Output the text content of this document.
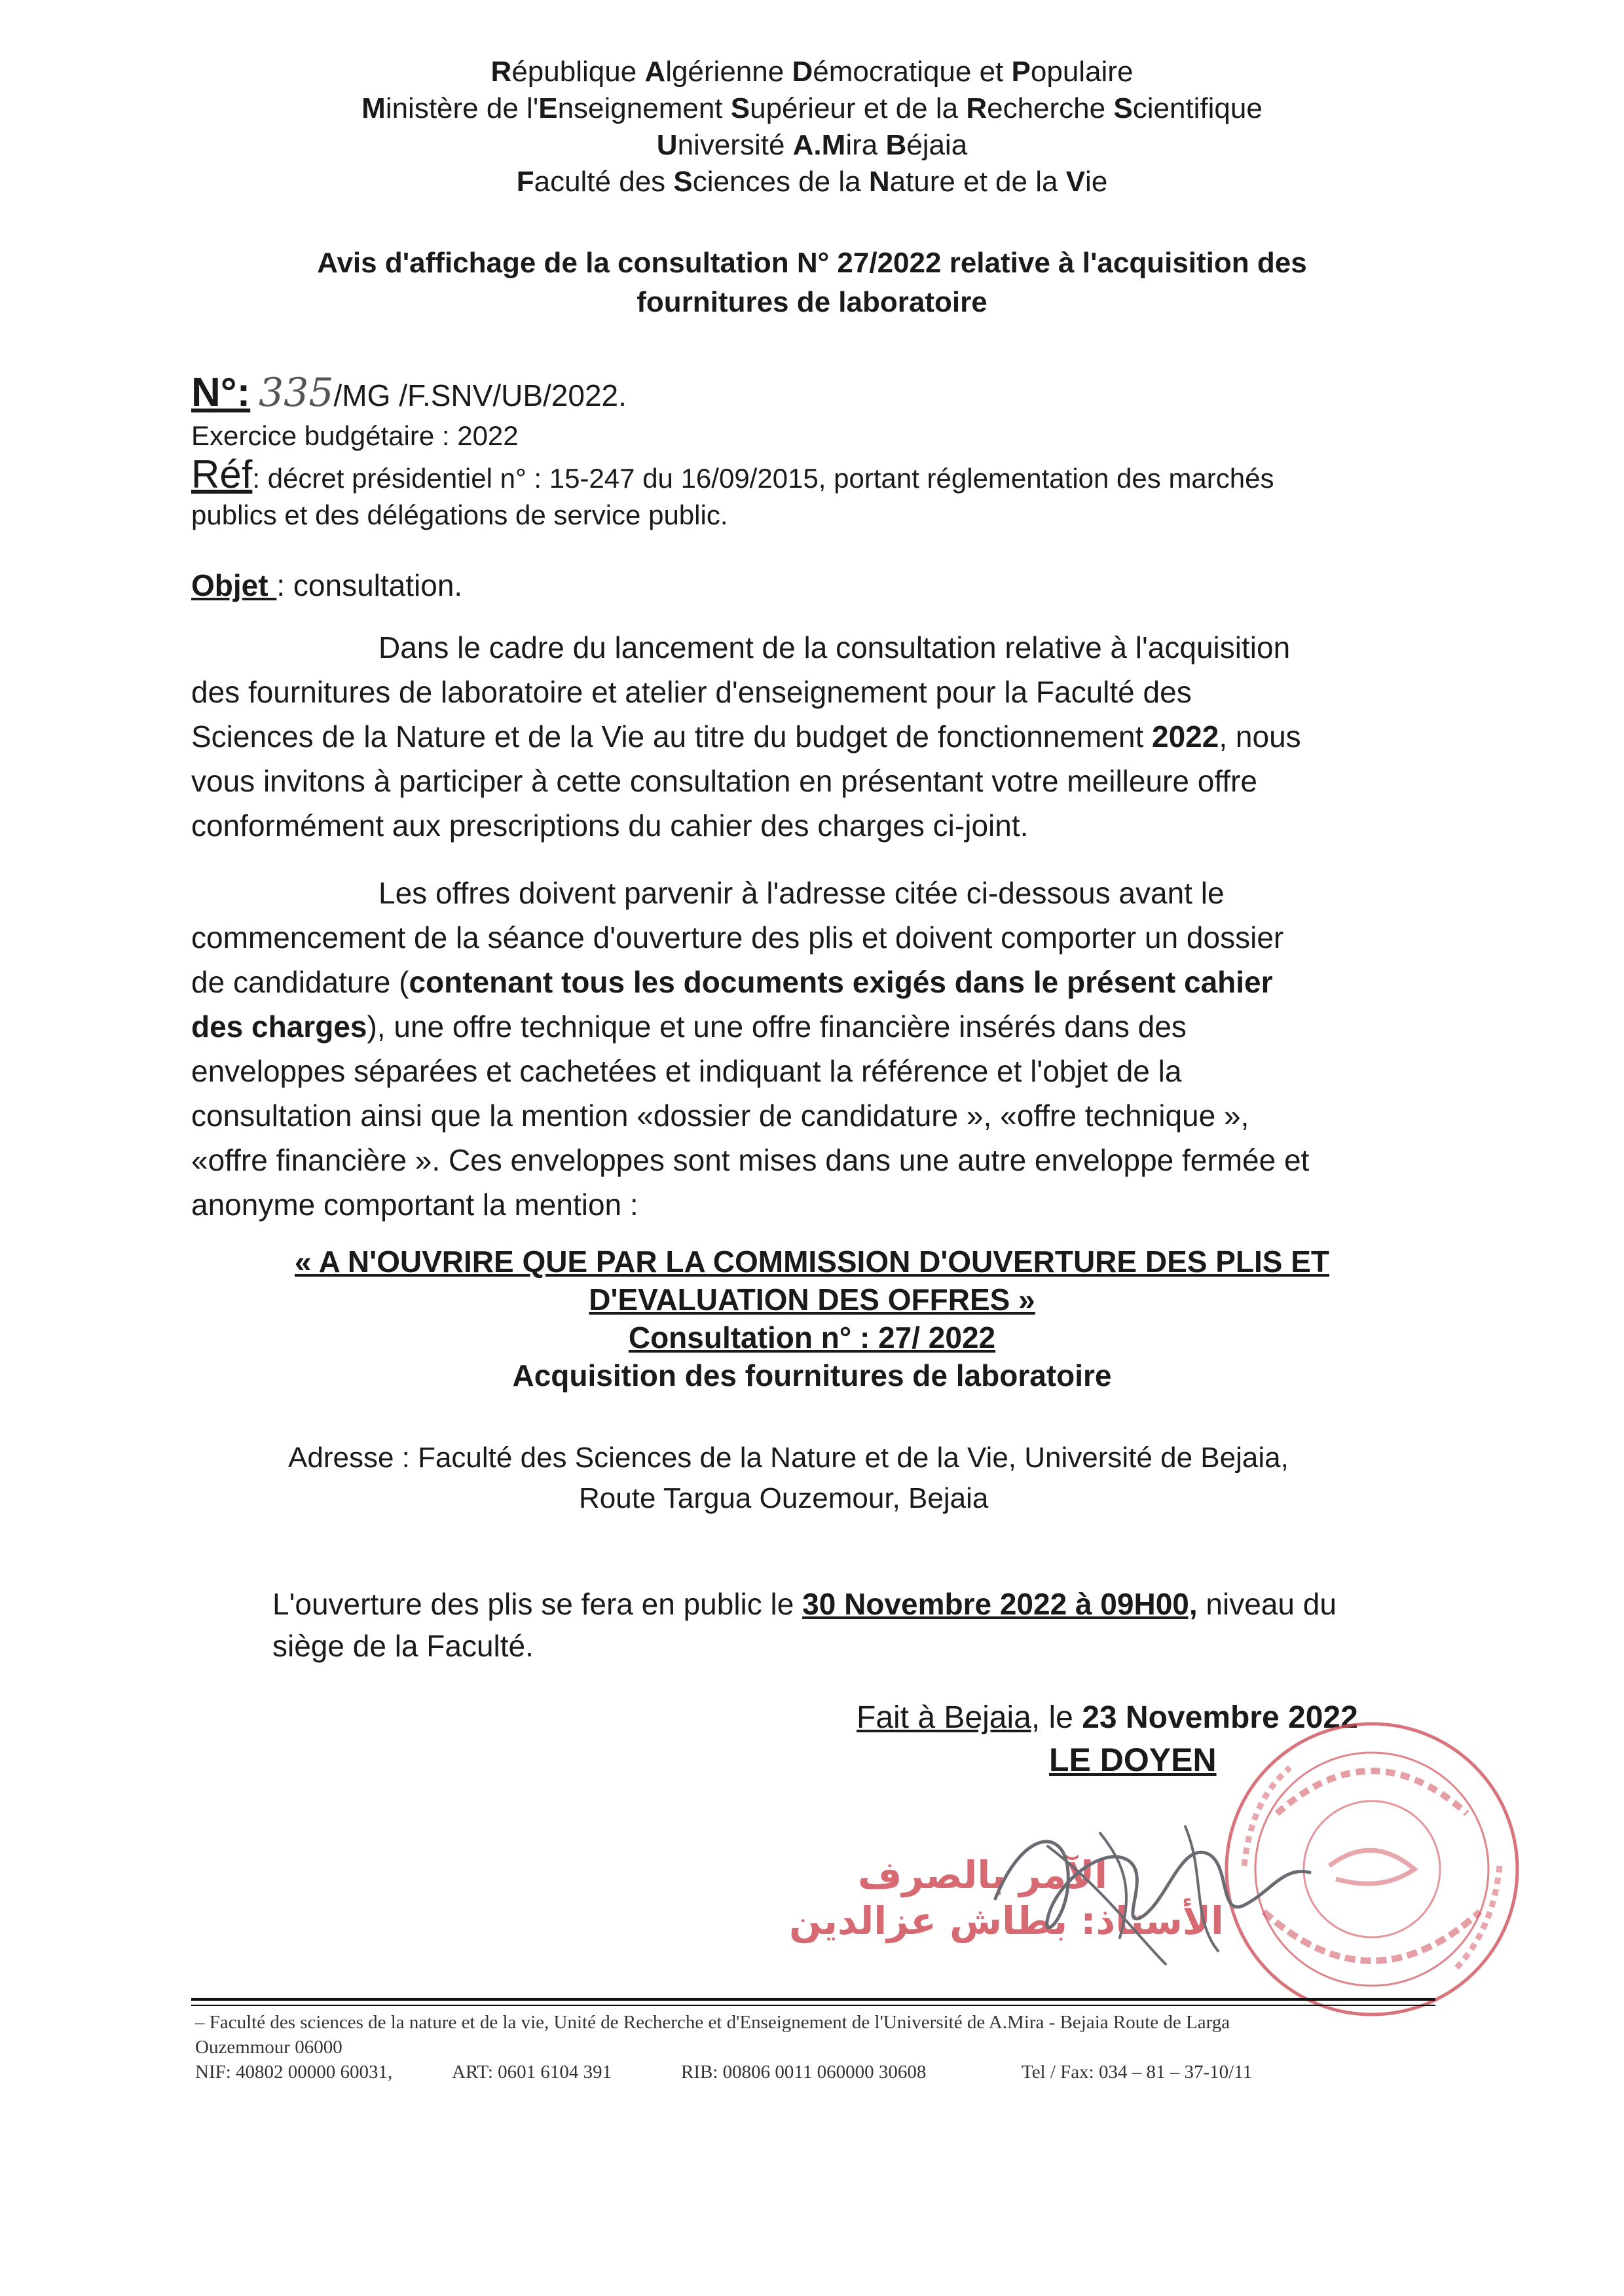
République Algérienne Démocratique et Populaire
Ministère de l'Enseignement Supérieur et de la Recherche Scientifique
Université A.Mira Béjaia
Faculté des Sciences de la Nature et de la Vie
Avis d'affichage de la consultation N° 27/2022 relative à l'acquisition des
fournitures de laboratoire
N°: 335/MG /F.SNV/UB/2022.
Exercice budgétaire : 2022
Réf: décret présidentiel n° : 15-247 du 16/09/2015, portant réglementation des marchés
publics et des délégations de service public.
Objet : consultation.
Dans le cadre du lancement de la consultation relative à l'acquisition
des fournitures de laboratoire et atelier d'enseignement pour la Faculté des
Sciences de la Nature et de la Vie au titre du budget de fonctionnement 2022, nous
vous invitons à participer à cette consultation en présentant votre meilleure offre
conformément aux prescriptions du cahier des charges ci-joint.
Les offres doivent parvenir à l'adresse citée ci-dessous avant le
commencement de la séance d'ouverture des plis et doivent comporter un dossier
de candidature (contenant tous les documents exigés dans le présent cahier
des charges), une offre technique et une offre financière insérés dans des
enveloppes séparées et cachetées et indiquant la référence et l'objet de la
consultation ainsi que la mention «dossier de candidature », «offre technique »,
«offre financière ». Ces enveloppes sont mises dans une autre enveloppe fermée et
anonyme comportant la mention :
« A N'OUVRIRE QUE PAR LA COMMISSION D'OUVERTURE DES PLIS ET
D'EVALUATION DES OFFRES »
Consultation n° : 27/ 2022
Acquisition des fournitures de laboratoire
Adresse : Faculté des Sciences de la Nature et de la Vie, Université de Bejaia,
Route Targua Ouzemour, Bejaia
L'ouverture des plis se fera en public le 30 Novembre 2022 à 09H00, niveau du
siège de la Faculté.
Fait à Bejaia, le 23 Novembre 2022
LE DOYEN
الآمر بالصرف
الأستاذ: بطاش عزالدين
– Faculté des sciences de la nature et de la vie, Unité de Recherche et d'Enseignement de l'Université de A.Mira - Bejaia Route de Larga
Ouzemmour 06000
NIF: 40802 00000 60031,	ART: 0601 6104 391	RIB: 00806 0011 060000 30608	Tel / Fax: 034 – 81 – 37-10/11
